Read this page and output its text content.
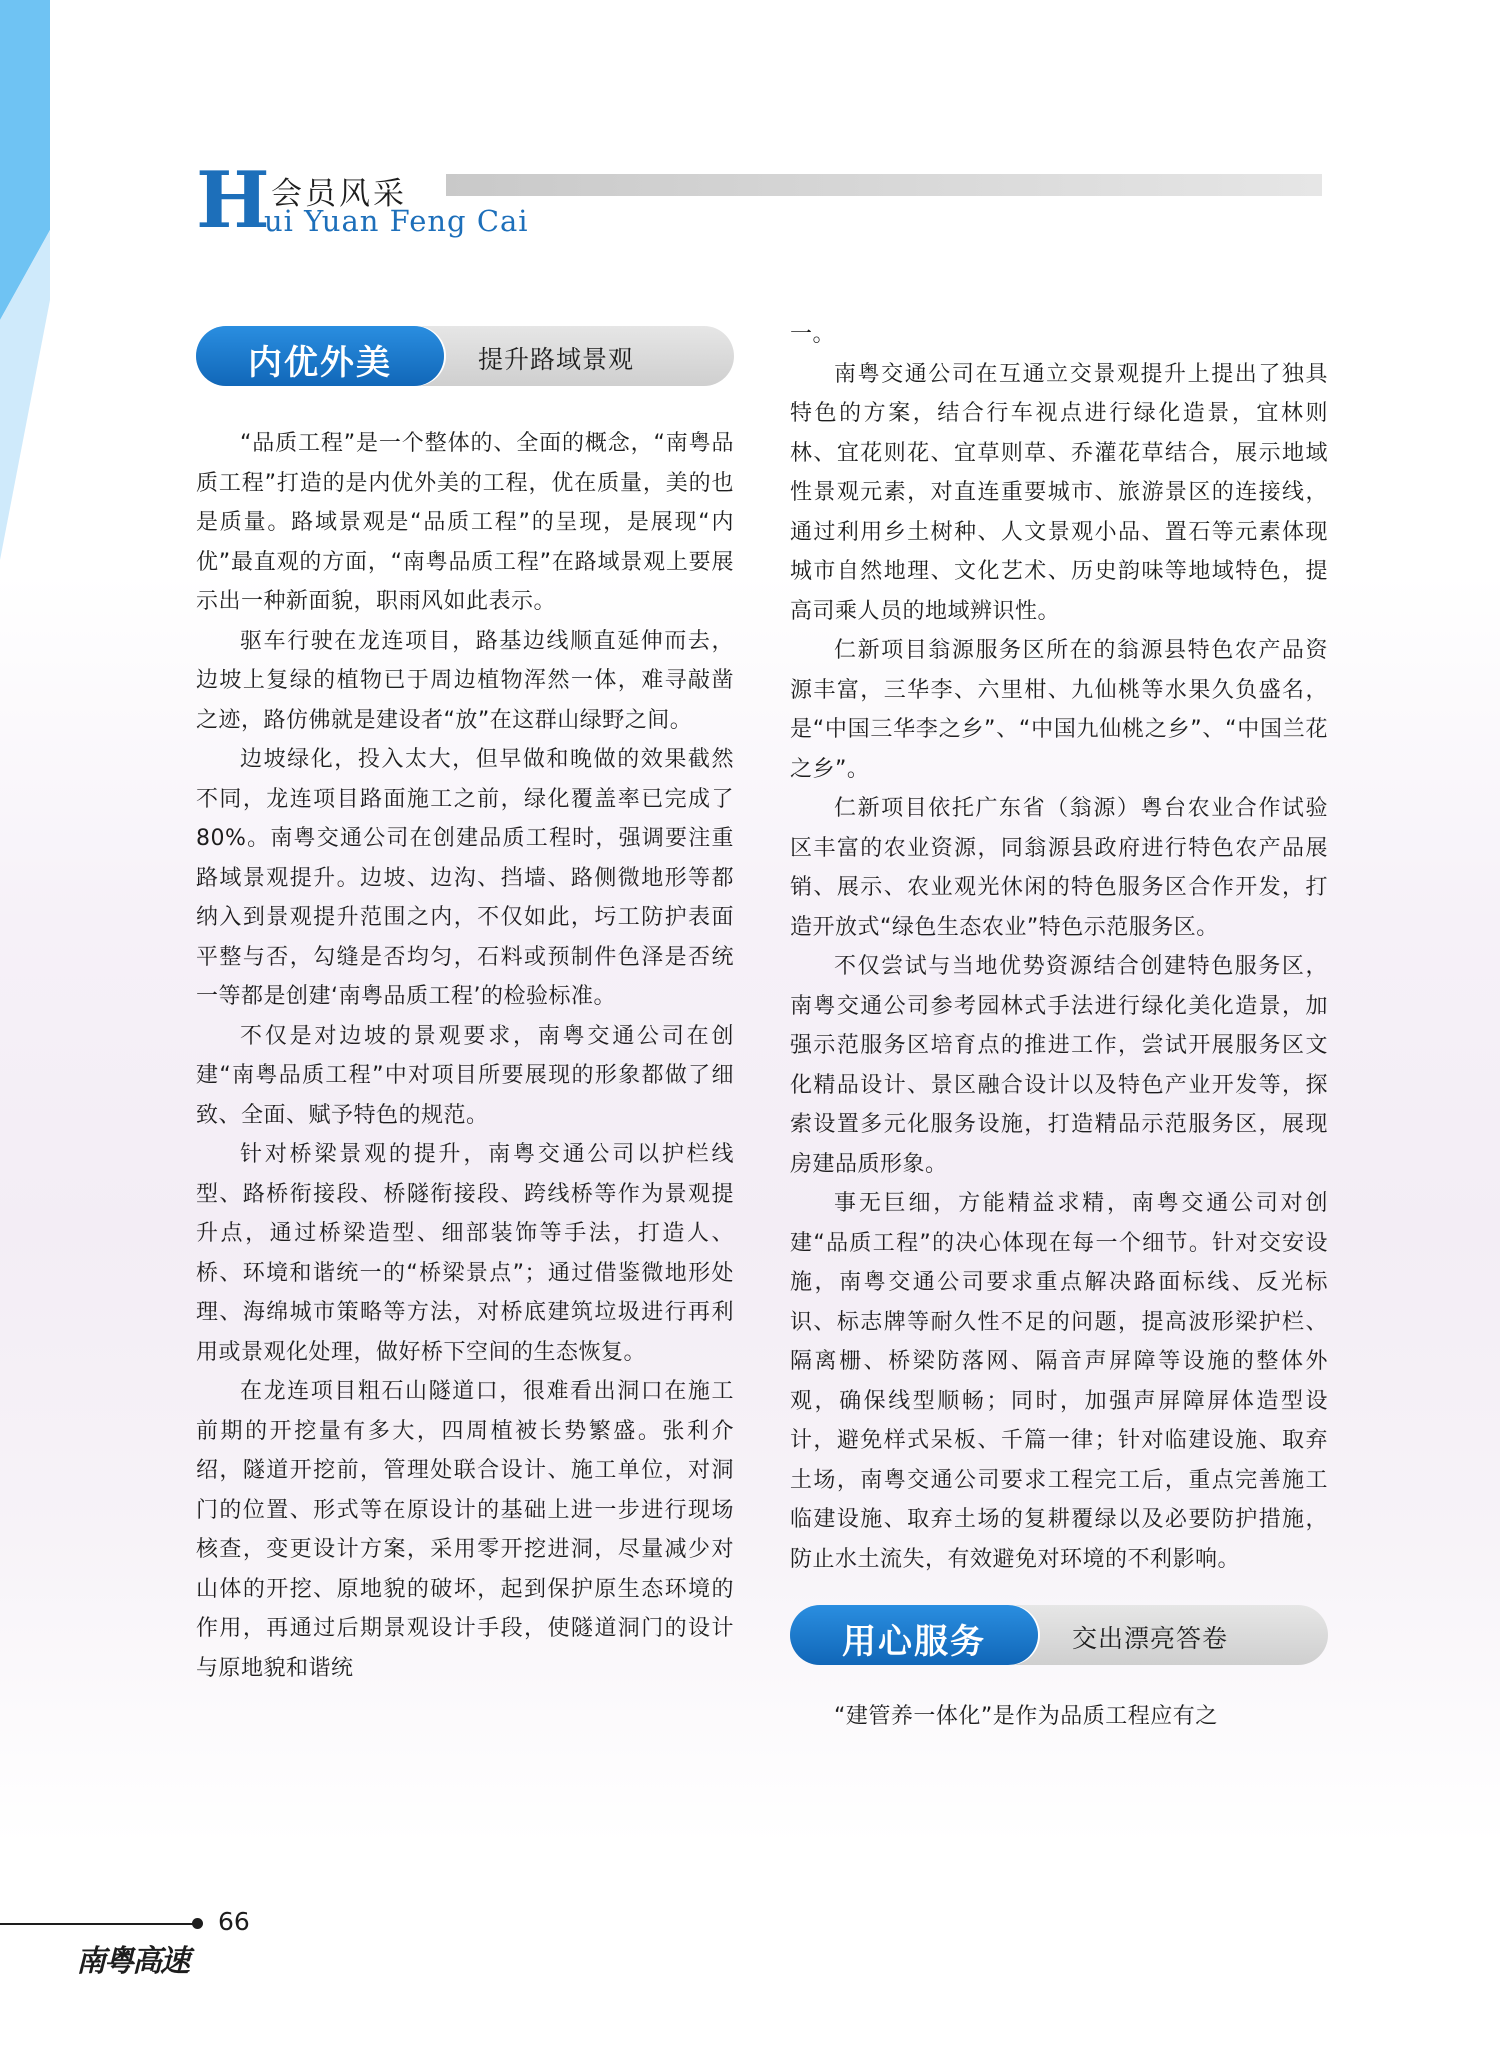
H 会员风采
ui Yuan Feng Cai
内优外美	提升路域景观

“品质工程”是一个整体的、全面的概念，“南粤品质工程”打造的是内优外美的工程，优在质量，美的也是质量。路域景观是“品质工程”的呈现，是展现“内优”最直观的方面，“南粤品质工程”在路域景观上要展示出一种新面貌，职雨风如此表示。

驱车行驶在龙连项目，路基边线顺直延伸而去，边坡上复绿的植物已于周边植物浑然一体，难寻敲凿之迹，路仿佛就是建设者“放”在这群山绿野之间。

边坡绿化，投入太大，但早做和晚做的效果截然不同，龙连项目路面施工之前，绿化覆盖率已完成了80%。南粤交通公司在创建品质工程时，强调要注重路域景观提升。边坡、边沟、挡墙、路侧微地形等都纳入到景观提升范围之内，不仅如此，圬工防护表面平整与否，勾缝是否均匀，石料或预制件色泽是否统一等都是创建‘南粤品质工程’的检验标准。

不仅是对边坡的景观要求，南粤交通公司在创建“南粤品质工程”中对项目所要展现的形象都做了细致、全面、赋予特色的规范。

针对桥梁景观的提升，南粤交通公司以护栏线型、路桥衔接段、桥隧衔接段、跨线桥等作为景观提升点，通过桥梁造型、细部装饰等手法，打造人、桥、环境和谐统一的“桥梁景点”；通过借鉴微地形处理、海绵城市策略等方法，对桥底建筑垃圾进行再利用或景观化处理，做好桥下空间的生态恢复。

在龙连项目粗石山隧道口，很难看出洞口在施工前期的开挖量有多大，四周植被长势繁盛。张利介绍，隧道开挖前，管理处联合设计、施工单位，对洞门的位置、形式等在原设计的基础上进一步进行现场核查，变更设计方案，采用零开挖进洞，尽量减少对山体的开挖、原地貌的破坏，起到保护原生态环境的作用，再通过后期景观设计手段，使隧道洞门的设计与原地貌和谐统

一。

南粤交通公司在互通立交景观提升上提出了独具特色的方案，结合行车视点进行绿化造景，宜林则林、宜花则花、宜草则草、乔灌花草结合，展示地域性景观元素，对直连重要城市、旅游景区的连接线，通过利用乡土树种、人文景观小品、置石等元素体现城市自然地理、文化艺术、历史韵味等地域特色，提高司乘人员的地域辨识性。

仁新项目翁源服务区所在的翁源县特色农产品资源丰富，三华李、六里柑、九仙桃等水果久负盛名，是“中国三华李之乡”、“中国九仙桃之乡”、“中国兰花之乡”。

仁新项目依托广东省（翁源）粤台农业合作试验区丰富的农业资源，同翁源县政府进行特色农产品展销、展示、农业观光休闲的特色服务区合作开发，打造开放式“绿色生态农业”特色示范服务区。

不仅尝试与当地优势资源结合创建特色服务区，南粤交通公司参考园林式手法进行绿化美化造景，加强示范服务区培育点的推进工作，尝试开展服务区文化精品设计、景区融合设计以及特色产业开发等，探索设置多元化服务设施，打造精品示范服务区，展现房建品质形象。

事无巨细，方能精益求精，南粤交通公司对创建“品质工程”的决心体现在每一个细节。针对交安设施，南粤交通公司要求重点解决路面标线、反光标识、标志牌等耐久性不足的问题，提高波形梁护栏、隔离栅、桥梁防落网、隔音声屏障等设施的整体外观，确保线型顺畅；同时，加强声屏障屏体造型设计，避免样式呆板、千篇一律；针对临建设施、取弃土场，南粤交通公司要求工程完工后，重点完善施工临建设施、取弃土场的复耕覆绿以及必要防护措施，防止水土流失，有效避免对环境的不利影响。

用心服务	交出漂亮答卷

“建管养一体化”是作为品质工程应有之

66
南粤高速
